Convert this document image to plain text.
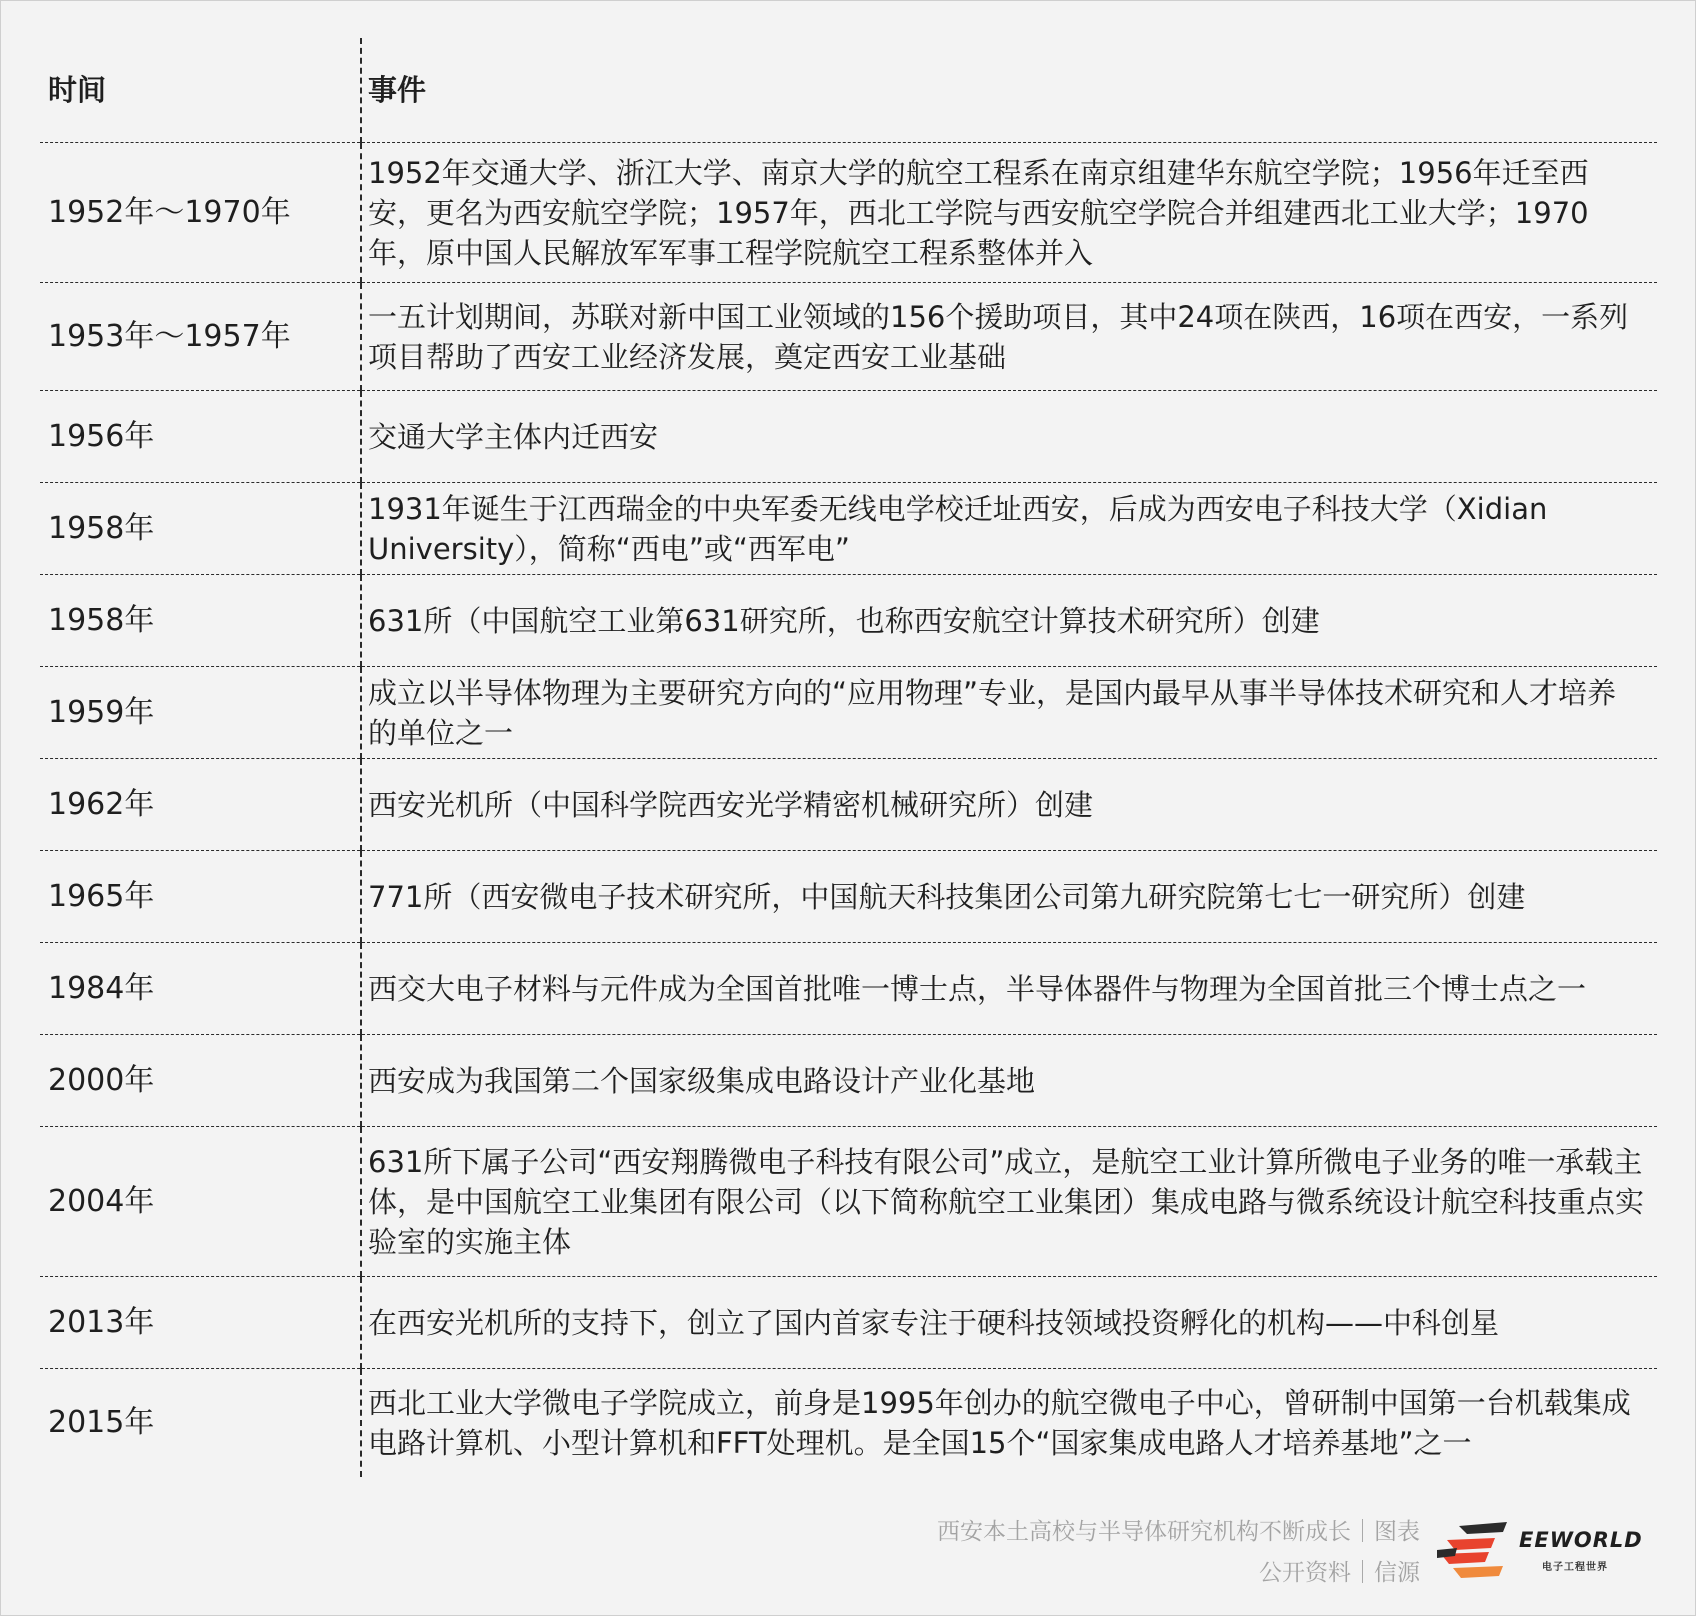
时间	事件
1952年～1970年	1952年交通大学、浙江大学、南京大学的航空工程系在南京组建华东航空学院；1956年迁至西安，更名为西安航空学院；1957年，西北工学院与西安航空学院合并组建西北工业大学；1970年，原中国人民解放军军事工程学院航空工程系整体并入
1953年～1957年	一五计划期间，苏联对新中国工业领域的156个援助项目，其中24项在陕西，16项在西安，一系列项目帮助了西安工业经济发展，奠定西安工业基础
1956年	交通大学主体内迁西安
1958年	1931年诞生于江西瑞金的中央军委无线电学校迁址西安，后成为西安电子科技大学（Xidian University），简称“西电”或“西军电”
1958年	631所（中国航空工业第631研究所，也称西安航空计算技术研究所）创建
1959年	成立以半导体物理为主要研究方向的“应用物理”专业，是国内最早从事半导体技术研究和人才培养的单位之一
1962年	西安光机所（中国科学院西安光学精密机械研究所）创建
1965年	771所（西安微电子技术研究所，中国航天科技集团公司第九研究院第七七一研究所）创建
1984年	西交大电子材料与元件成为全国首批唯一博士点，半导体器件与物理为全国首批三个博士点之一
2000年	西安成为我国第二个国家级集成电路设计产业化基地
2004年	631所下属子公司“西安翔腾微电子科技有限公司”成立，是航空工业计算所微电子业务的唯一承载主体，是中国航空工业集团有限公司（以下简称航空工业集团）集成电路与微系统设计航空科技重点实验室的实施主体
2013年	在西安光机所的支持下，创立了国内首家专注于硬科技领域投资孵化的机构——中科创星
2015年	西北工业大学微电子学院成立，前身是1995年创办的航空微电子中心，曾研制中国第一台机载集成电路计算机、小型计算机和FFT处理机。是全国15个“国家集成电路人才培养基地”之一
西安本土高校与半导体研究机构不断成长｜图表
公开资料｜信源
EEWORLD
电子工程世界
